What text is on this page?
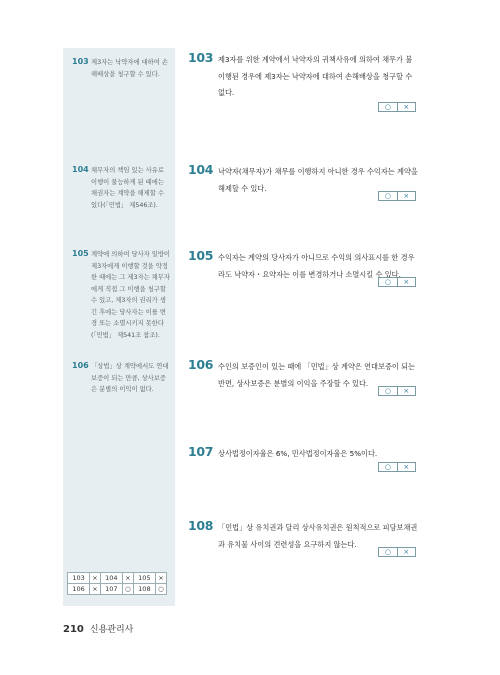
103 제3자는 낙약자에 대하여 손해배상을 청구할 수 있다.
104 채무자의 책임 있는 사유로 이행이 불능하게 된 때에는 채권자는 계약을 해제할 수 있다(「민법」 제546조).
105 계약에 의하여 당사자 일방이 제3자에게 이행할 것을 약정한 때에는 그 제3자는 채무자에게 직접 그 이행을 청구할 수 있고, 제3자의 권리가 생긴 후에는 당사자는 이를 변경 또는 소멸시키지 못한다(「민법」 제541조 참조).
106 「상법」상 계약에서도 연대보증이 되는 만큼, 상사보증은 분별의 이익이 없다.
103	×	104	×	105	×
106	×	107	○	108	○
103 제3자를 위한 계약에서 낙약자의 귀책사유에 의하여 채무가 불이행된 경우에 제3자는 낙약자에 대하여 손해배상을 청구할 수 없다.
○	×
104 낙약자(채무자)가 채무를 이행하지 아니한 경우 수익자는 계약을 해제할 수 있다.
○	×
105 수익자는 계약의 당사자가 아니므로 수익의 의사표시를 한 경우라도 낙약자・요약자는 이를 변경하거나 소멸시킬 수 있다.
○	×
106 수인의 보증인이 있는 때에 「민법」상 계약은 연대보증이 되는 반면, 상사보증은 분별의 이익을 주장할 수 있다.
○	×
107 상사법정이자율은 6%, 민사법정이자율은 5%이다.
○	×
108 「민법」상 유치권과 달리 상사유치권은 원칙적으로 피담보채권과 유치물 사이의 견련성을 요구하지 않는다.
○	×
210 신용관리사
